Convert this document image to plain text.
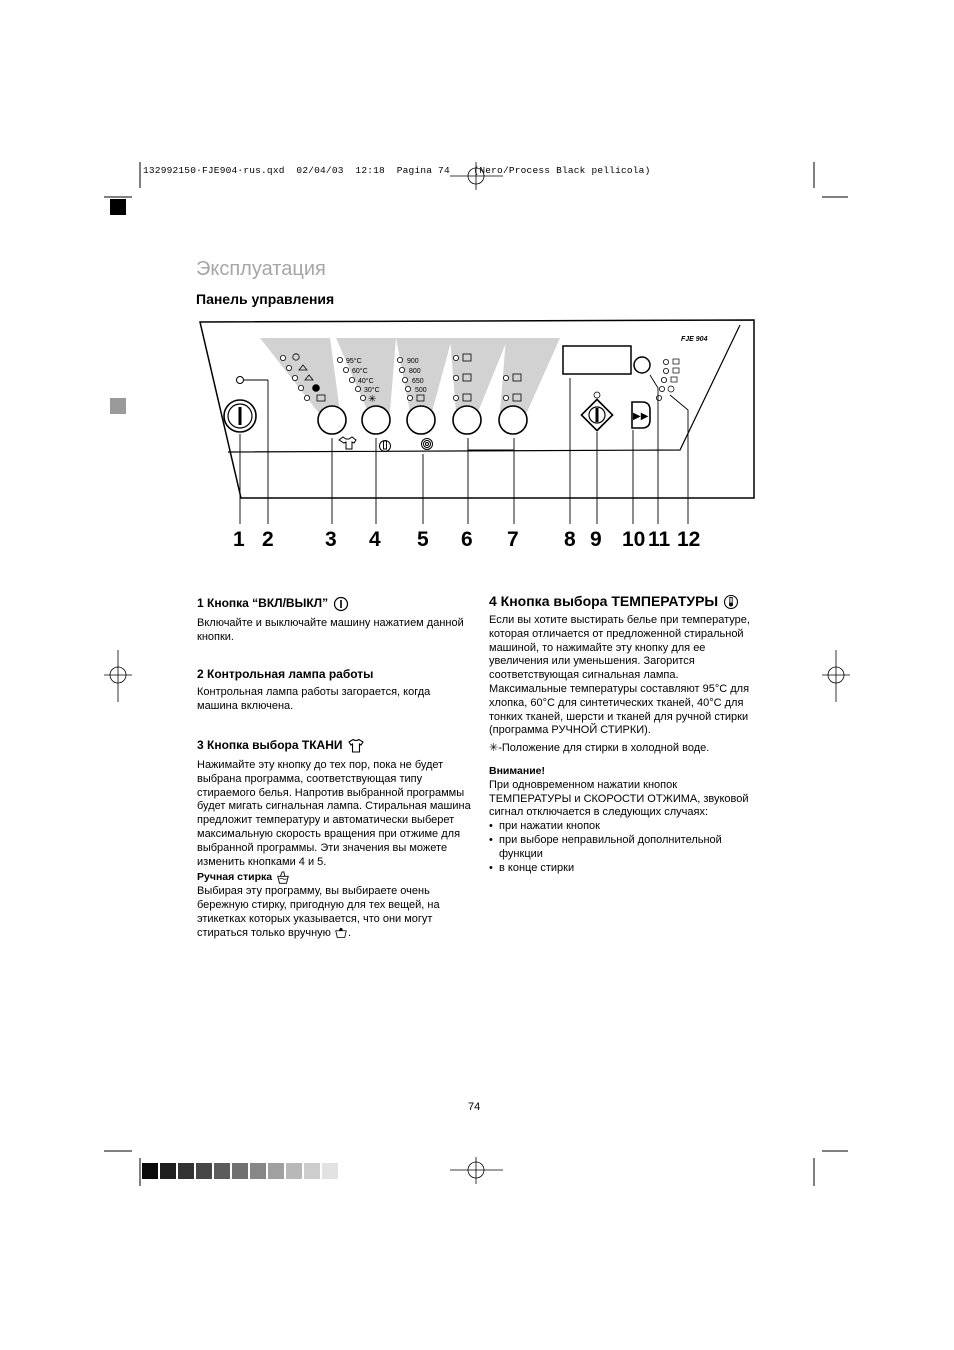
132992150·FJE904·rus.qxd  02/04/03  12:18  Pagina 74    (Nero/Process Black pellicola)
Эксплуатация
Панель управления
95°C
60°C
40°C
30°C
✳
900
800
650
500
▶▶
FJE 904
1 2 3 4 5 6 7 8 9 10 11 12
1 Кнопка “ВКЛ/ВЫКЛ”

Включайте и выключайте машину нажатием данной кнопки.

2 Контрольная лампа работы

Контрольная лампа работы загорается, когда машина включена.

3 Кнопка выбора ТКАНИ

Нажимайте эту кнопку до тех пор, пока не будет выбрана программа, соответствующая типу стираемого белья. Напротив выбранной программы будет мигать сигнальная лампа. Стиральная машина предложит температуру и автоматически выберет максимальную скорость вращения при отжиме для выбранной программы. Эти значения вы можете изменить кнопками 4 и 5.

Ручная стирка

Выбирая эту программу, вы выбираете очень бережную стирку, пригодную для тех вещей, на этикетках которых указывается, что они могут стираться только вручную .

4 Кнопка выбора ТЕМПЕРАТУРЫ

Если вы хотите выстирать белье при температуре, которая отличается от предложенной стиральной машиной, то нажимайте эту кнопку для ее увеличения или уменьшения. Загорится соответствующая сигнальная лампа.

Максимальные температуры составляют 95°C для хлопка, 60°C для синтетических тканей, 40°C для тонких тканей, шерсти и тканей для ручной стирки (программа РУЧНОЙ СТИРКИ).

✳-Положение для стирки в холодной воде.

Внимание!

При одновременном нажатии кнопок ТЕМПЕРАТУРЫ и СКОРОСТИ ОТЖИМА, звуковой сигнал отключается в следующих случаях:

• при нажатии кнопок

• при выборе неправильной дополнительной функции

• в конце стирки

74
